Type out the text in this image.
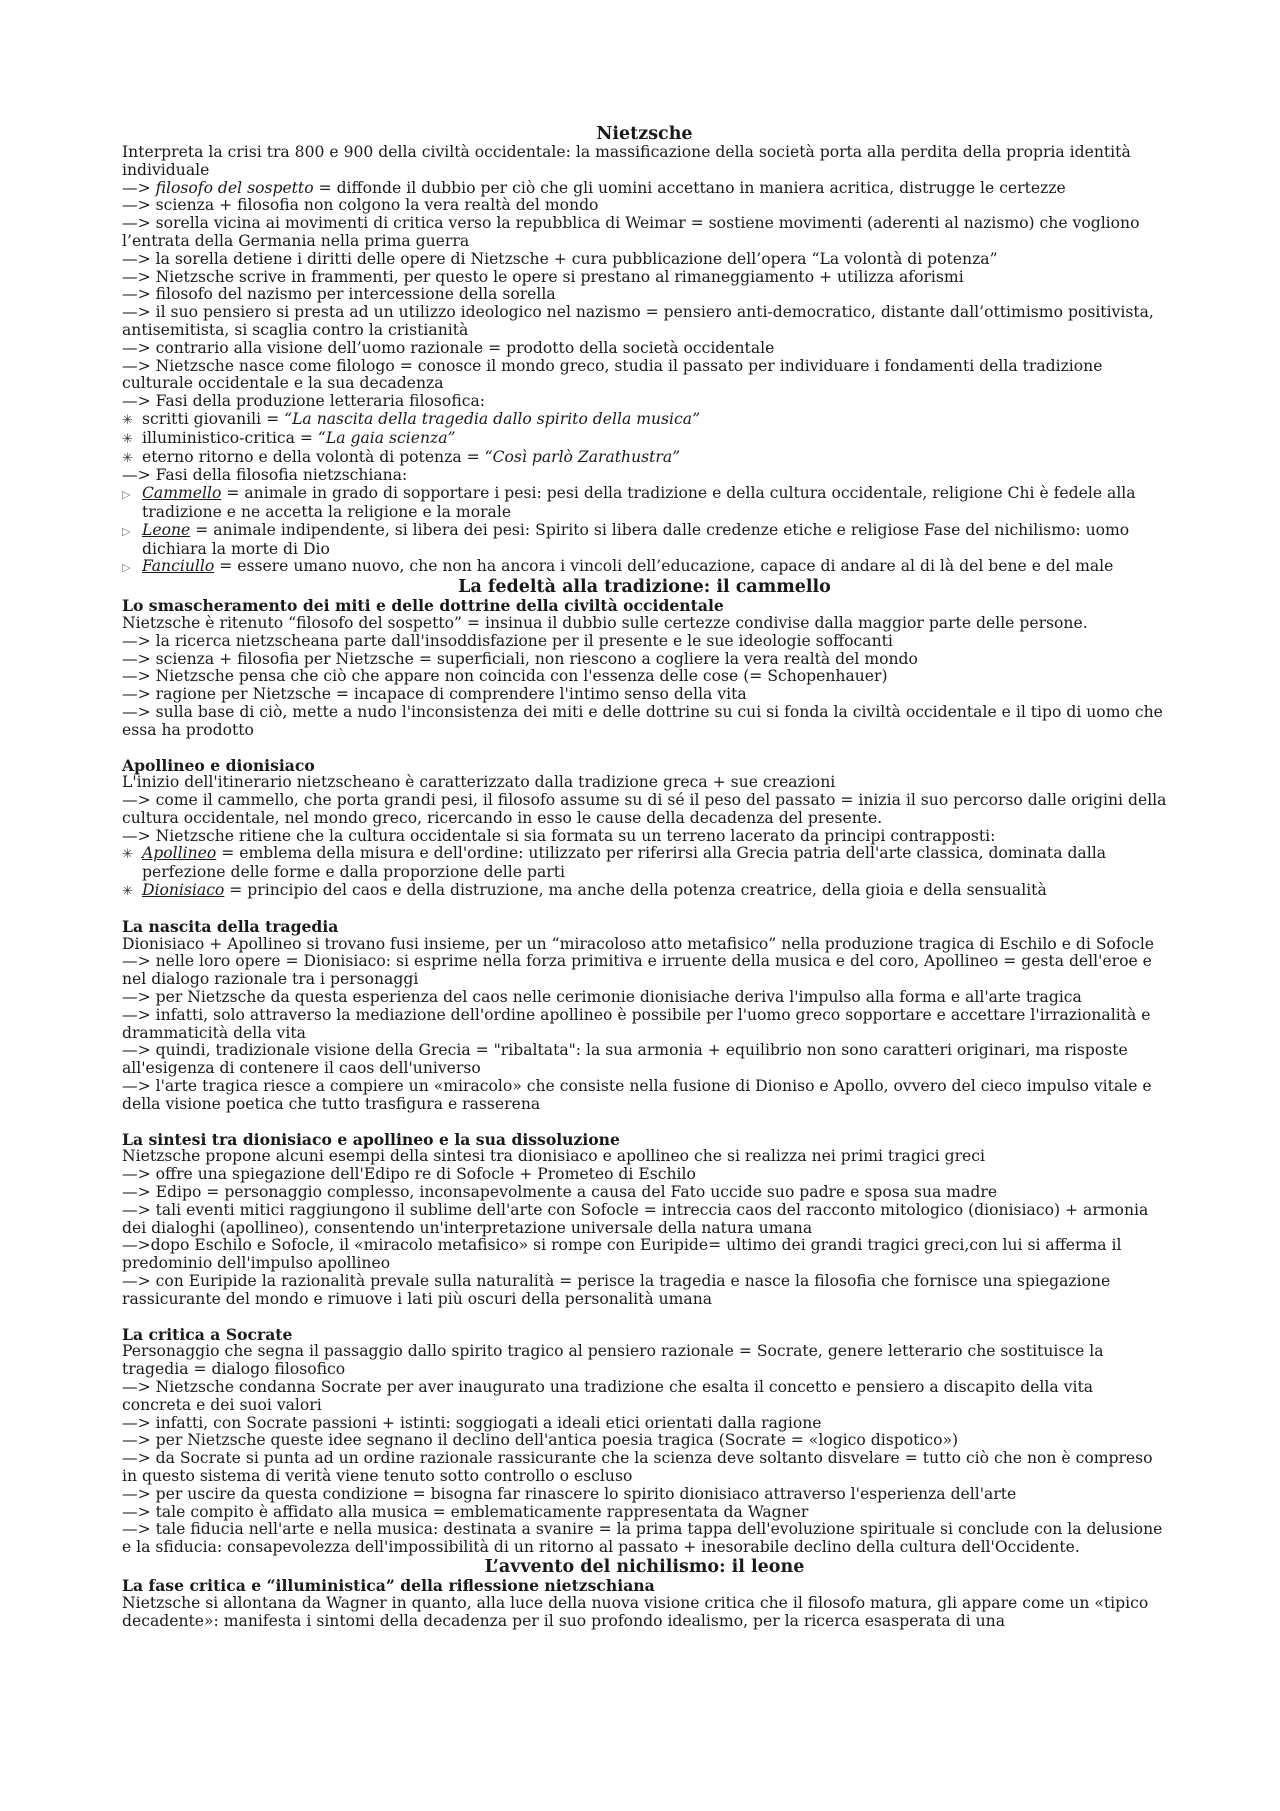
Nietzsche

Interpreta la crisi tra 800 e 900 della civiltà occidentale: la massificazione della società porta alla perdita della propria identità individuale

—> filosofo del sospetto = diffonde il dubbio per ciò che gli uomini accettano in maniera acritica, distrugge le certezze

—> scienza + filosofia non colgono la vera realtà del mondo

—> sorella vicina ai movimenti di critica verso la repubblica di Weimar = sostiene movimenti (aderenti al nazismo) che vogliono l’entrata della Germania nella prima guerra

—> la sorella detiene i diritti delle opere di Nietzsche + cura pubblicazione dell’opera “La volontà di potenza”

—> Nietzsche scrive in frammenti, per questo le opere si prestano al rimaneggiamento + utilizza aforismi

—> filosofo del nazismo per intercessione della sorella

—> il suo pensiero si presta ad un utilizzo ideologico nel nazismo = pensiero anti-democratico, distante dall’ottimismo positivista, antisemitista, si scaglia contro la cristianità

—> contrario alla visione dell’uomo razionale = prodotto della società occidentale

—> Nietzsche nasce come filologo = conosce il mondo greco, studia il passato per individuare i fondamenti della tradizione culturale occidentale e la sua decadenza

—> Fasi della produzione letteraria filosofica:

✳ scritti giovanili = “La nascita della tragedia dallo spirito della musica”

✳ illuministico-critica = “La gaia scienza”

✳ eterno ritorno e della volontà di potenza = “Così parlò Zarathustra”

—> Fasi della filosofia nietzschiana:

▷ Cammello = animale in grado di sopportare i pesi: pesi della tradizione e della cultura occidentale, religione Chi è fedele alla tradizione e ne accetta la religione e la morale

▷ Leone = animale indipendente, si libera dei pesi: Spirito si libera dalle credenze etiche e religiose Fase del nichilismo: uomo dichiara la morte di Dio

▷ Fanciullo = essere umano nuovo, che non ha ancora i vincoli dell’educazione, capace di andare al di là del bene e del male

La fedeltà alla tradizione: il cammello

Lo smascheramento dei miti e delle dottrine della civiltà occidentale

Nietzsche è ritenuto “filosofo del sospetto” = insinua il dubbio sulle certezze condivise dalla maggior parte delle persone.

—> la ricerca nietzscheana parte dall'insoddisfazione per il presente e le sue ideologie soffocanti

—> scienza + filosofia per Nietzsche = superficiali, non riescono a cogliere la vera realtà del mondo

—> Nietzsche pensa che ciò che appare non coincida con l'essenza delle cose (= Schopenhauer)

—> ragione per Nietzsche = incapace di comprendere l'intimo senso della vita

—> sulla base di ciò, mette a nudo l'inconsistenza dei miti e delle dottrine su cui si fonda la civiltà occidentale e il tipo di uomo che essa ha prodotto

Apollineo e dionisiaco

L'inizio dell'itinerario nietzscheano è caratterizzato dalla tradizione greca + sue creazioni

—> come il cammello, che porta grandi pesi, il filosofo assume su di sé il peso del passato = inizia il suo percorso dalle origini della cultura occidentale, nel mondo greco, ricercando in esso le cause della decadenza del presente.

—> Nietzsche ritiene che la cultura occidentale si sia formata su un terreno lacerato da principi contrapposti:

✳ Apollineo = emblema della misura e dell'ordine: utilizzato per riferirsi alla Grecia patria dell'arte classica, dominata dalla perfezione delle forme e dalla proporzione delle parti

✳ Dionisiaco = principio del caos e della distruzione, ma anche della potenza creatrice, della gioia e della sensualità

La nascita della tragedia

Dionisiaco + Apollineo si trovano fusi insieme, per un “miracoloso atto metafisico” nella produzione tragica di Eschilo e di Sofocle

—> nelle loro opere = Dionisiaco: si esprime nella forza primitiva e irruente della musica e del coro, Apollineo = gesta dell'eroe e nel dialogo razionale tra i personaggi

—> per Nietzsche da questa esperienza del caos nelle cerimonie dionisiache deriva l'impulso alla forma e all'arte tragica

—> infatti, solo attraverso la mediazione dell'ordine apollineo è possibile per l'uomo greco sopportare e accettare l'irrazionalità e drammaticità della vita

—> quindi, tradizionale visione della Grecia = "ribaltata": la sua armonia + equilibrio non sono caratteri originari, ma risposte all'esigenza di contenere il caos dell'universo

—> l'arte tragica riesce a compiere un «miracolo» che consiste nella fusione di Dioniso e Apollo, ovvero del cieco impulso vitale e della visione poetica che tutto trasfigura e rasserena

La sintesi tra dionisiaco e apollineo e la sua dissoluzione

Nietzsche propone alcuni esempi della sintesi tra dionisiaco e apollineo che si realizza nei primi tragici greci

—> offre una spiegazione dell'Edipo re di Sofocle + Prometeo di Eschilo

—> Edipo = personaggio complesso, inconsapevolmente a causa del Fato uccide suo padre e sposa sua madre

—> tali eventi mitici raggiungono il sublime dell'arte con Sofocle = intreccia caos del racconto mitologico (dionisiaco) + armonia dei dialoghi (apollineo), consentendo un'interpretazione universale della natura umana

—>dopo Eschilo e Sofocle, il «miracolo metafisico» si rompe con Euripide= ultimo dei grandi tragici greci,con lui si afferma il predominio dell'impulso apollineo

—> con Euripide la razionalità prevale sulla naturalità = perisce la tragedia e nasce la filosofia che fornisce una spiegazione rassicurante del mondo e rimuove i lati più oscuri della personalità umana

La critica a Socrate

Personaggio che segna il passaggio dallo spirito tragico al pensiero razionale = Socrate, genere letterario che sostituisce la tragedia = dialogo filosofico

—> Nietzsche condanna Socrate per aver inaugurato una tradizione che esalta il concetto e pensiero a discapito della vita concreta e dei suoi valori

—> infatti, con Socrate passioni + istinti: soggiogati a ideali etici orientati dalla ragione

—> per Nietzsche queste idee segnano il declino dell'antica poesia tragica (Socrate = «logico dispotico»)

—> da Socrate si punta ad un ordine razionale rassicurante che la scienza deve soltanto disvelare = tutto ciò che non è compreso in questo sistema di verità viene tenuto sotto controllo o escluso

—> per uscire da questa condizione = bisogna far rinascere lo spirito dionisiaco attraverso l'esperienza dell'arte

—> tale compito è affidato alla musica = emblematicamente rappresentata da Wagner

—> tale fiducia nell'arte e nella musica: destinata a svanire = la prima tappa dell'evoluzione spirituale si conclude con la delusione e la sfiducia: consapevolezza dell'impossibilità di un ritorno al passato + inesorabile declino della cultura dell'Occidente.

L’avvento del nichilismo: il leone

La fase critica e “illuministica” della riflessione nietzschiana

Nietzsche si allontana da Wagner in quanto, alla luce della nuova visione critica che il filosofo matura, gli appare come un «tipico decadente»: manifesta i sintomi della decadenza per il suo profondo idealismo, per la ricerca esasperata di una
